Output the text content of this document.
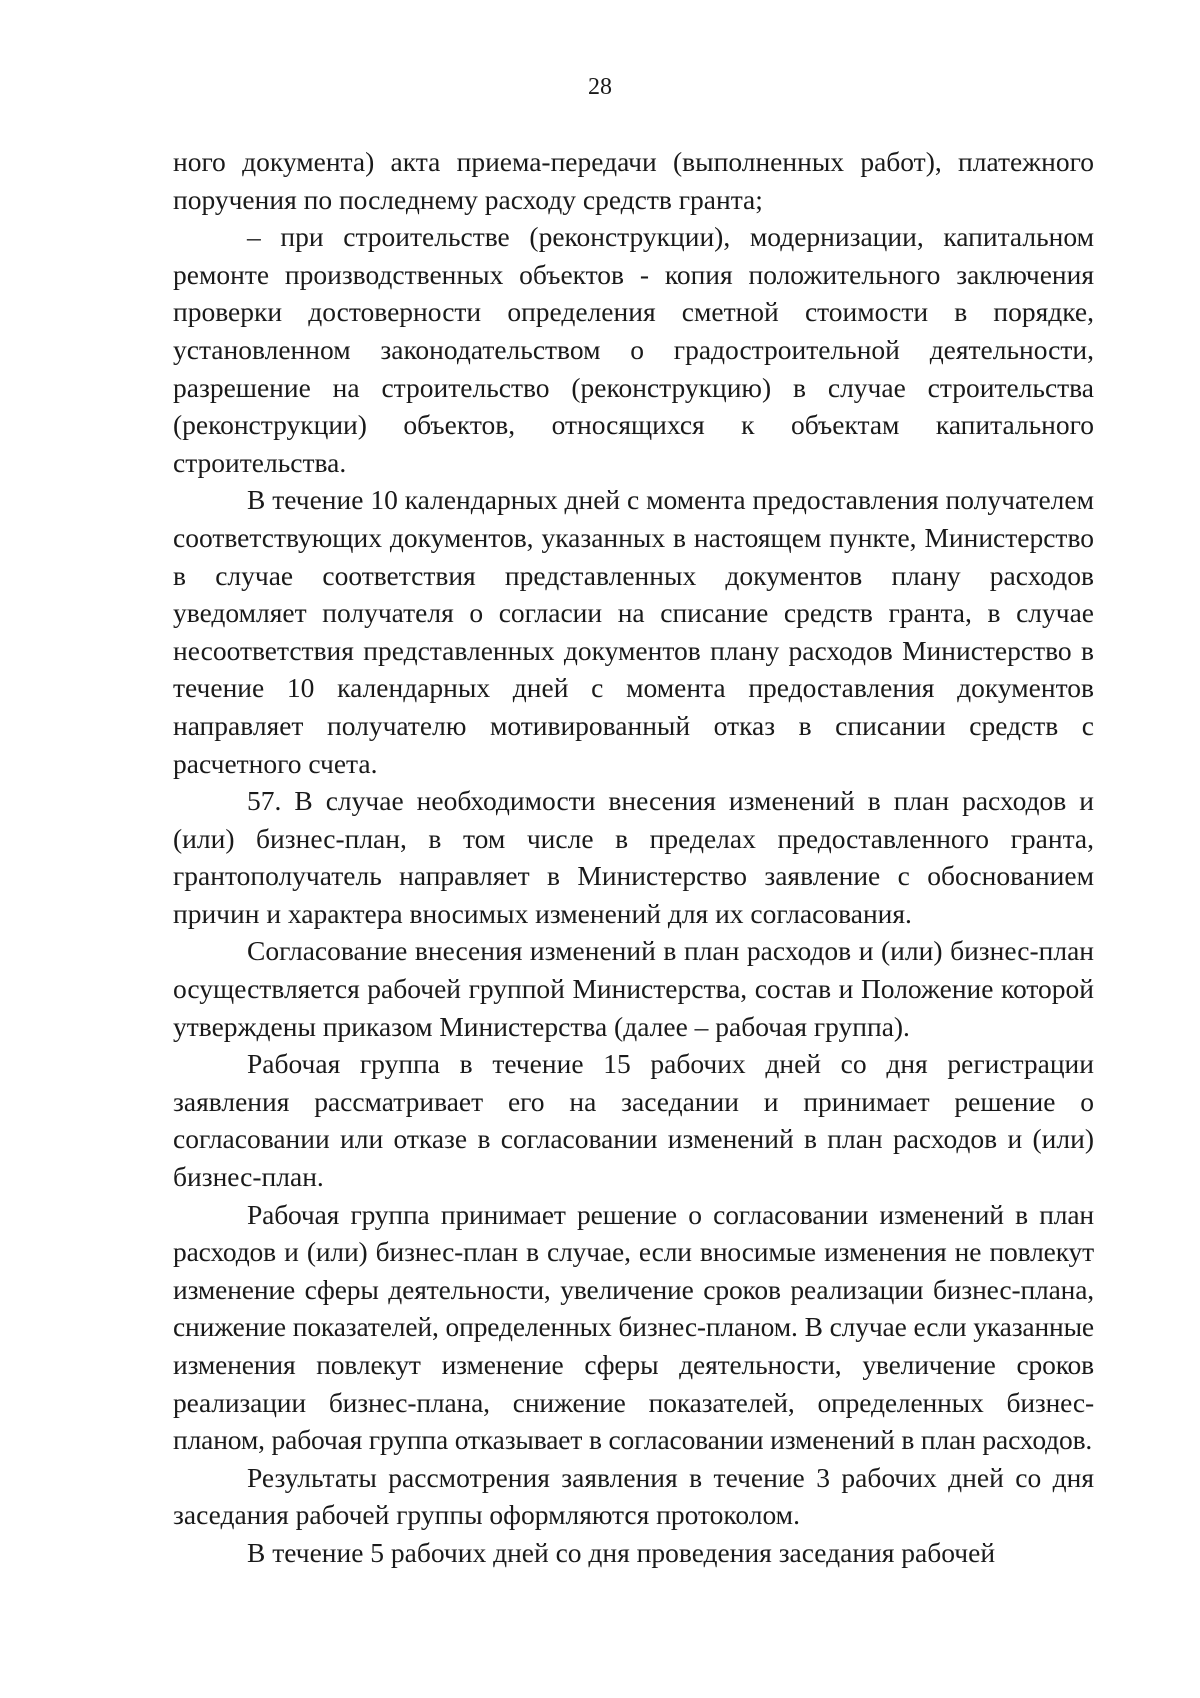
28

ного документа) акта приема-передачи (выполненных работ), платежного поручения по последнему расходу средств гранта;

– при строительстве (реконструкции), модернизации, капитальном ремонте производственных объектов - копия положительного заключения проверки достоверности определения сметной стоимости в порядке, установленном законодательством о градостроительной деятельности, разрешение на строительство (реконструкцию) в случае строительства (реконструкции) объектов, относящихся к объектам капитального строительства.

В течение 10 календарных дней с момента предоставления получателем соответствующих документов, указанных в настоящем пункте, Министерство в случае соответствия представленных документов плану расходов уведомляет получателя о согласии на списание средств гранта, в случае несоответствия представленных документов плану расходов Министерство в течение 10 календарных дней с момента предоставления документов направляет получателю мотивированный отказ в списании средств с расчетного счета.

57. В случае необходимости внесения изменений в план расходов и (или) бизнес-план, в том числе в пределах предоставленного гранта, грантополучатель направляет в Министерство заявление с обоснованием причин и характера вносимых изменений для их согласования.

Согласование внесения изменений в план расходов и (или) бизнес-план осуществляется рабочей группой Министерства, состав и Положение которой утверждены приказом Министерства (далее – рабочая группа).

Рабочая группа в течение 15 рабочих дней со дня регистрации заявления рассматривает его на заседании и принимает решение о согласовании или отказе в согласовании изменений в план расходов и (или) бизнес-план.

Рабочая группа принимает решение о согласовании изменений в план расходов и (или) бизнес-план в случае, если вносимые изменения не повлекут изменение сферы деятельности, увеличение сроков реализации бизнес-плана, снижение показателей, определенных бизнес-планом. В случае если указанные изменения повлекут изменение сферы деятельности, увеличение сроков реализации бизнес-плана, снижение показателей, определенных бизнес-планом, рабочая группа отказывает в согласовании изменений в план расходов.

Результаты рассмотрения заявления в течение 3 рабочих дней со дня заседания рабочей группы оформляются протоколом.

В течение 5 рабочих дней со дня проведения заседания рабочей
